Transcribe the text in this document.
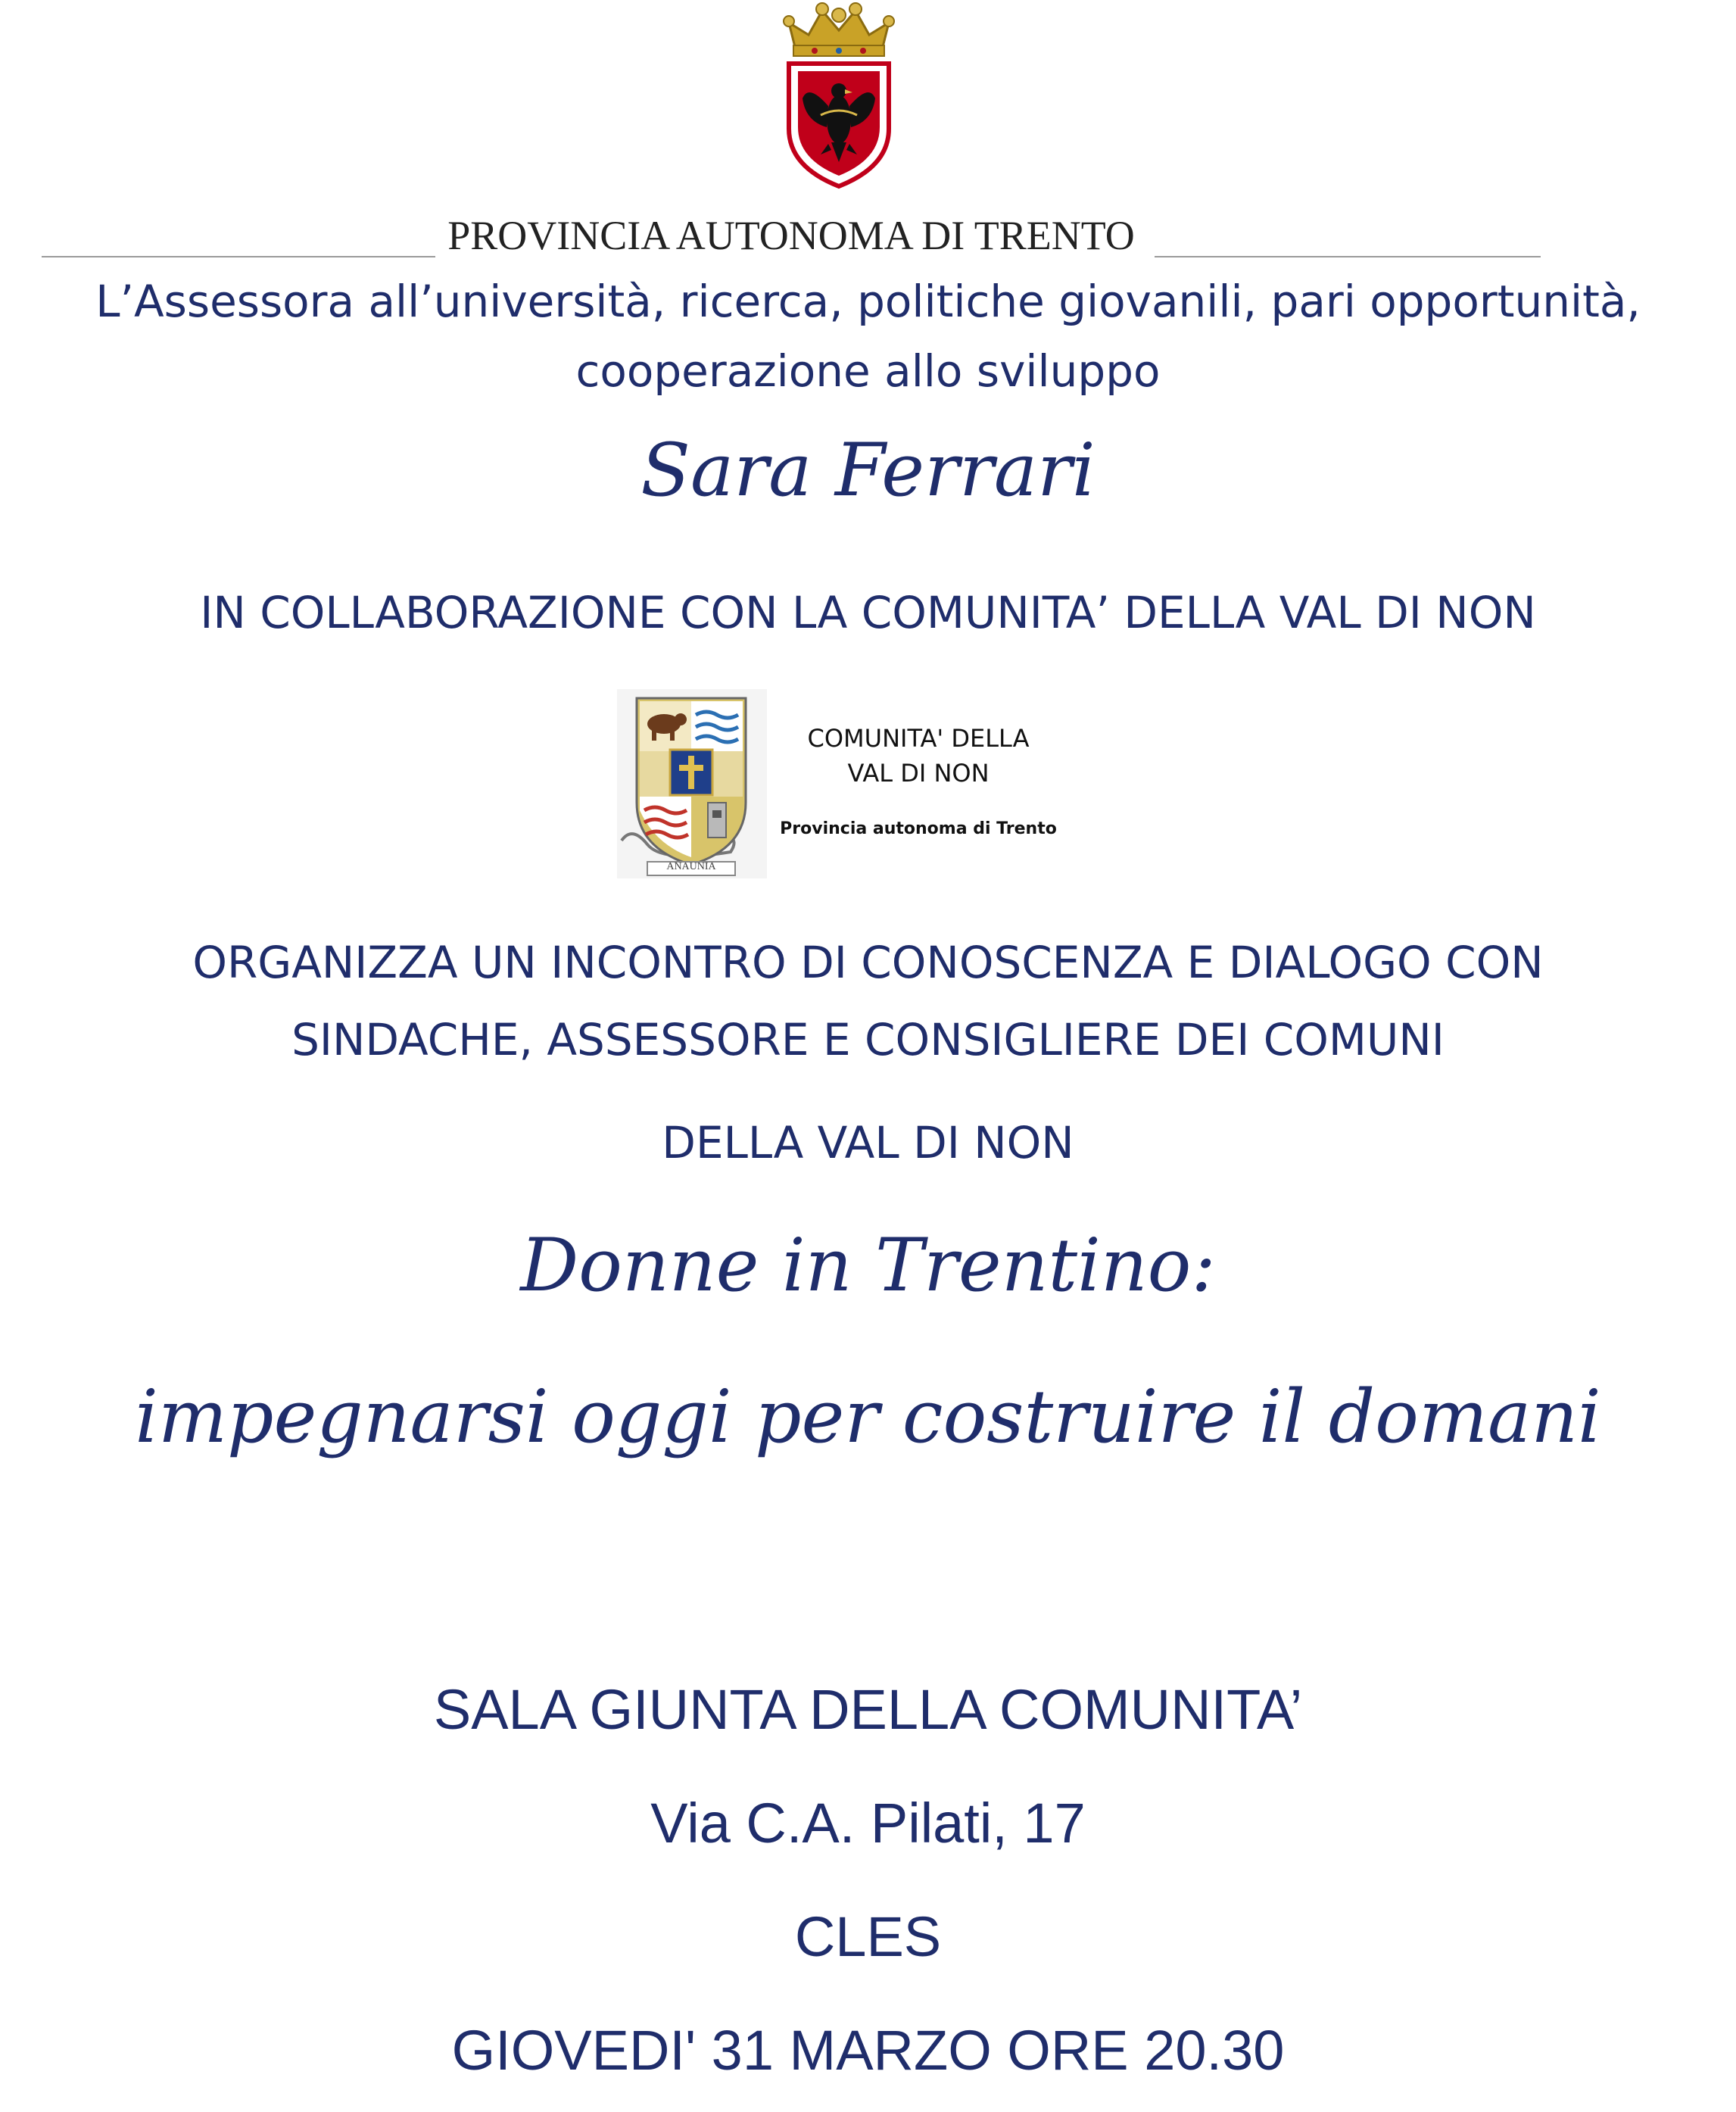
PROVINCIA AUTONOMA DI TRENTO
L’Assessora all’università, ricerca, politiche giovanili, pari opportunità,
cooperazione allo sviluppo
Sara Ferrari
IN COLLABORAZIONE CON LA COMUNITA’ DELLA VAL DI NON
ANAUNIA
COMUNITA' DELLA
VAL DI NON
Provincia autonoma di Trento
ORGANIZZA UN INCONTRO DI CONOSCENZA E DIALOGO CON
SINDACHE, ASSESSORE E CONSIGLIERE DEI COMUNI
DELLA VAL DI NON
Donne in Trentino:
impegnarsi oggi per costruire il domani
SALA GIUNTA DELLA COMUNITA’
Via C.A. Pilati, 17
CLES
GIOVEDI' 31 MARZO ORE 20.30
